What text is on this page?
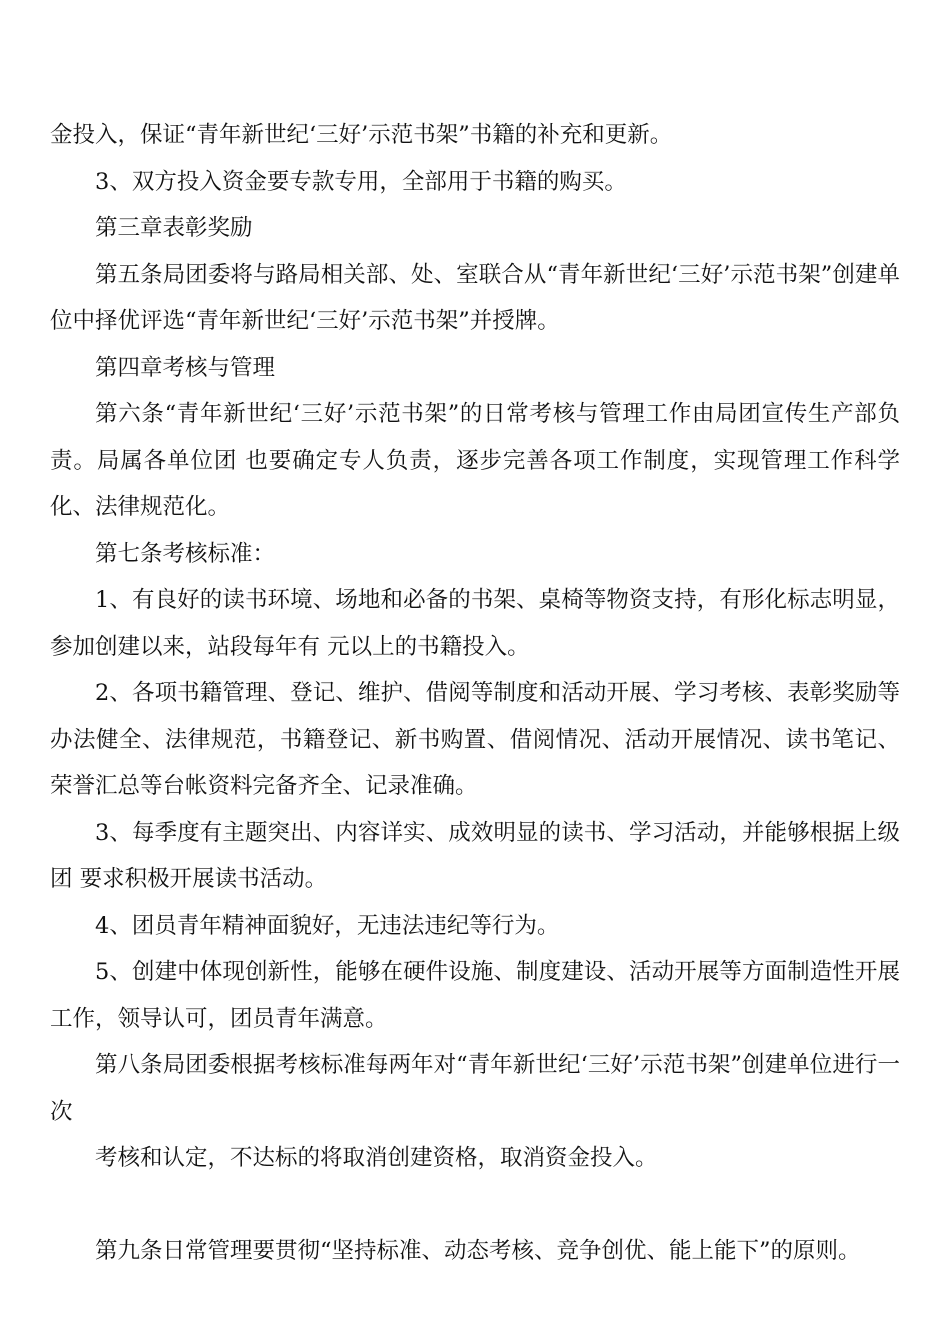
金投入，保证“青年新世纪‘三好’示范书架”书籍的补充和更新。

3、双方投入资金要专款专用，全部用于书籍的购买。

第三章表彰奖励

第五条局团委将与路局相关部、处、室联合从“青年新世纪‘三好’示范书架”创建单位中择优评选“青年新世纪‘三好’示范书架”并授牌。

第四章考核与管理

第六条“青年新世纪‘三好’示范书架”的日常考核与管理工作由局团宣传生产部负责。局属各单位团 也要确定专人负责，逐步完善各项工作制度，实现管理工作科学化、法律规范化。

第七条考核标准：

1、有良好的读书环境、场地和必备的书架、桌椅等物资支持，有形化标志明显，参加创建以来，站段每年有 元以上的书籍投入。

2、各项书籍管理、登记、维护、借阅等制度和活动开展、学习考核、表彰奖励等办法健全、法律规范，书籍登记、新书购置、借阅情况、活动开展情况、读书笔记、荣誉汇总等台帐资料完备齐全、记录准确。

3、每季度有主题突出、内容详实、成效明显的读书、学习活动，并能够根据上级团 要求积极开展读书活动。

4、团员青年精神面貌好，无违法违纪等行为。

5、创建中体现创新性，能够在硬件设施、制度建设、活动开展等方面制造性开展工作，领导认可，团员青年满意。

第八条局团委根据考核标准每两年对“青年新世纪‘三好’示范书架”创建单位进行一次

考核和认定，不达标的将取消创建资格，取消资金投入。

第九条日常管理要贯彻“坚持标准、动态考核、竞争创优、能上能下”的原则。
